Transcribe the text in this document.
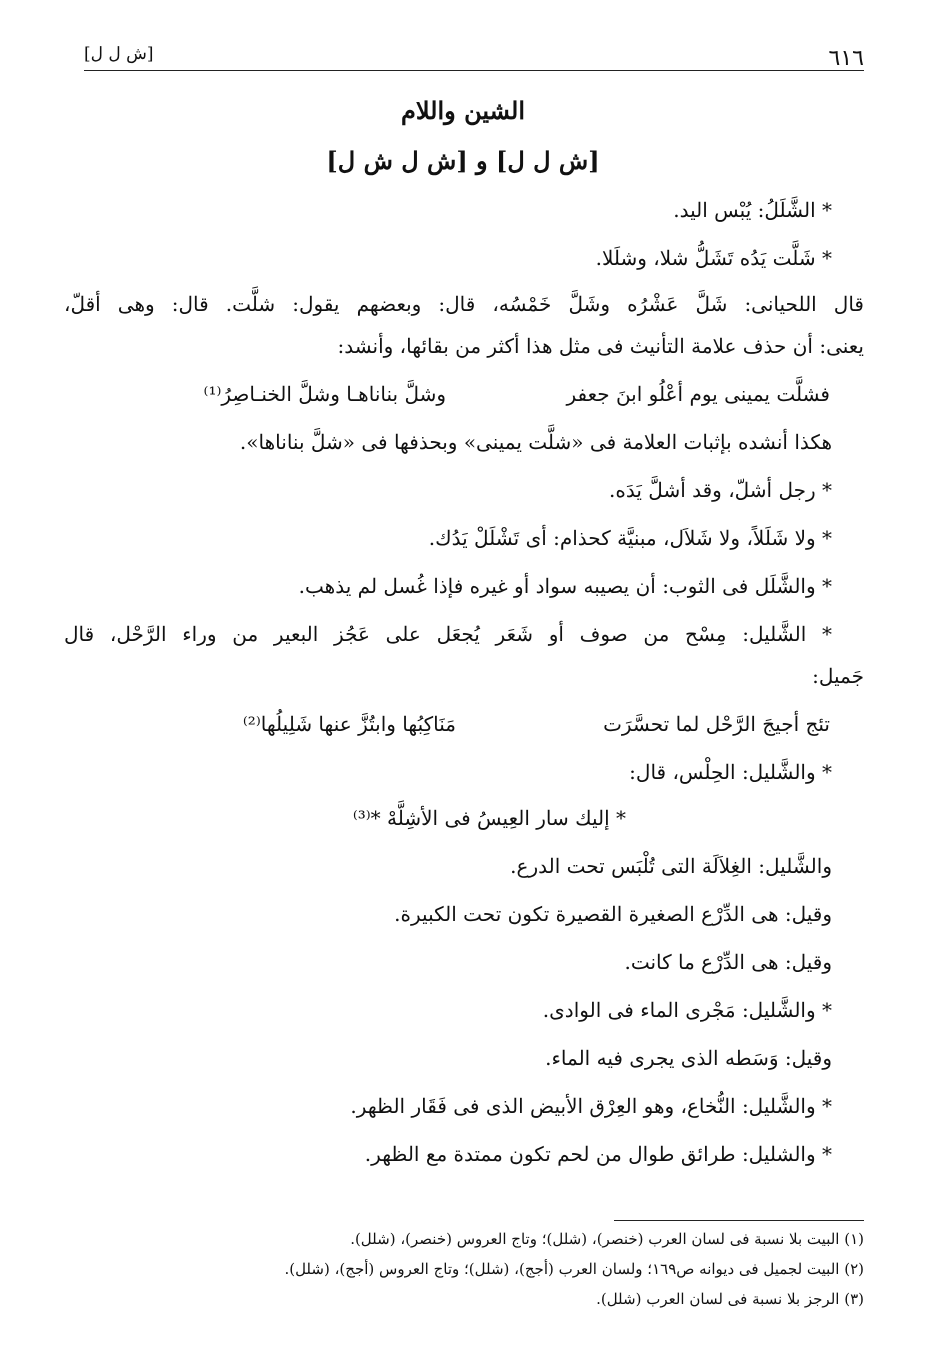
٦١٦
[ش ل ل]
الشين واللام
[ش ل ل] و [ش ل ش ل]
* الشَّلَلُ: يُبْس اليد.
* شَلَّت يَدُه تَشَلُّ شلا، وشلَلا.
قال اللحيانى: شَلَّ عَشْرُه وشَلَّ خَمْسُه، قال: وبعضهم يقول: شلَّت. قال: وهى أقلّ،
يعنى: أن حذف علامة التأنيث فى مثل هذا أكثر من بقائها، وأنشد:
فشلَّت يمينى يوم أعْلُو ابنَ جعفر
وشلَّ بناناهـا وشلَّ الخنـاصِرُ⁽¹⁾
هكذا أنشده بإثبات العلامة فى «شلَّت يمينى» وبحذفها فى «شلَّ بناناها».
* رجل أشلّ، وقد أشلَّ يَدَه.
* ولا شَلَلاً، ولا شَلاَل، مبنيَّة كحذام: أى تَشْلَلْ يَدُك.
* والشَّلَل فى الثوب: أن يصيبه سواد أو غيره فإذا غُسل لم يذهب.
* الشَّليل: مِسْح من صوف أو شَعَر يُجعَل على عَجُز البعير من وراء الرَّحْل، قال
جَميل:
تئج أجيجَ الرَّحْل لما تحسَّرَت
مَنَاكِبُها وابتُزَّ عنها شَلِيلُها⁽²⁾
* والشَّليل: الحِلْس، قال:
* إليك سار العِيسُ فى الأشِلَّهْ *⁽³⁾
والشَّليل: الغِلاَلَة التى تُلْبَس تحت الدرع.
وقيل: هى الدِّرْع الصغيرة القصيرة تكون تحت الكبيرة.
وقيل: هى الدِّرْع ما كانت.
* والشَّليل: مَجْرى الماء فى الوادى.
وقيل: وَسَطه الذى يجرى فيه الماء.
* والشَّليل: النُّخاع، وهو العِرْق الأبيض الذى فى فَقَار الظهر.
* والشليل: طرائق طوال من لحم تكون ممتدة مع الظهر.
(١) البيت بلا نسبة فى لسان العرب (خنصر)، (شلل)؛ وتاج العروس (خنصر)، (شلل).
(٢) البيت لجميل فى ديوانه ص١٦٩؛ ولسان العرب (أجج)، (شلل)؛ وتاج العروس (أجج)، (شلل).
(٣) الرجز بلا نسبة فى لسان العرب (شلل).
